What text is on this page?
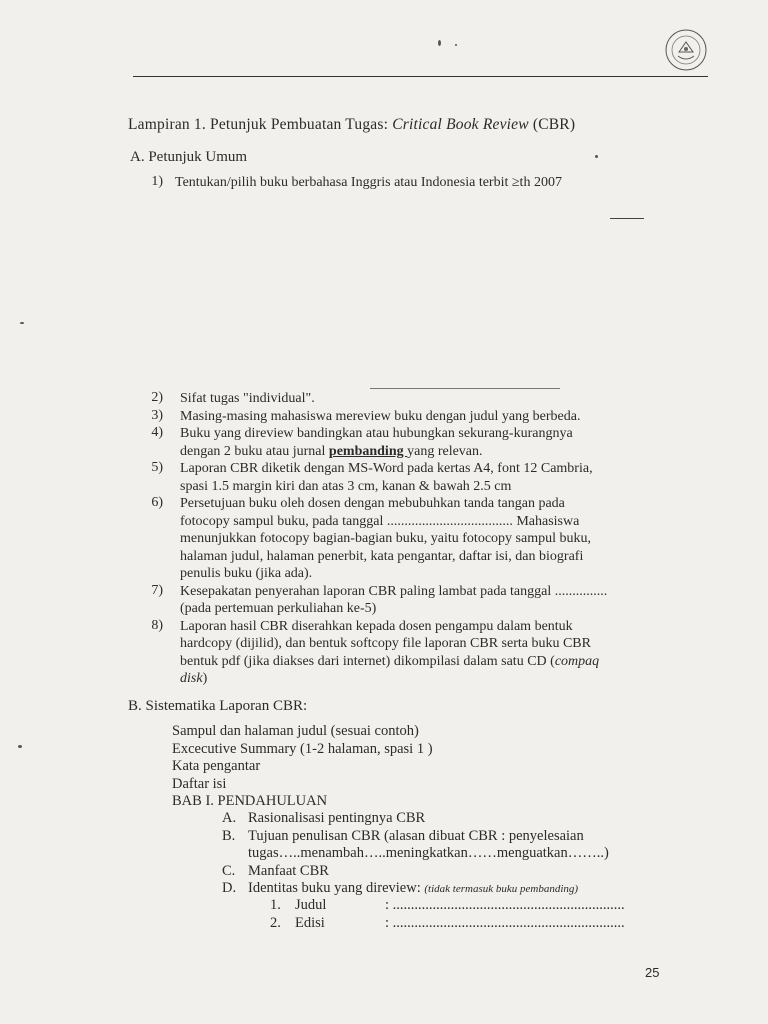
Lampiran 1. Petunjuk Pembuatan Tugas: Critical Book Review (CBR)
A. Petunjuk Umum
1) Tentukan/pilih buku berbahasa Inggris atau Indonesia terbit ≥th 2007
2) Sifat tugas "individual".
3) Masing-masing mahasiswa mereview buku dengan judul yang berbeda.
4) Buku yang direview bandingkan atau hubungkan sekurang-kurangnya
dengan 2 buku atau jurnal pembanding yang relevan.
5) Laporan CBR diketik dengan MS-Word pada kertas A4, font 12 Cambria,
spasi 1.5 margin kiri dan atas 3 cm, kanan & bawah 2.5 cm
6) Persetujuan buku oleh dosen dengan mebubuhkan tanda tangan pada
fotocopy sampul buku, pada tanggal .................................... Mahasiswa
menunjukkan fotocopy bagian-bagian buku, yaitu fotocopy sampul buku,
halaman judul, halaman penerbit, kata pengantar, daftar isi, dan biografi
penulis buku (jika ada).
7) Kesepakatan penyerahan laporan CBR paling lambat pada tanggal ...............
(pada pertemuan perkuliahan ke-5)
8) Laporan hasil CBR diserahkan kepada dosen pengampu dalam bentuk
hardcopy (dijilid), dan bentuk softcopy file laporan CBR serta buku CBR
bentuk pdf (jika diakses dari internet) dikompilasi dalam satu CD (compaq
disk)
B. Sistematika Laporan CBR:
Sampul dan halaman judul (sesuai contoh)
Excecutive Summary (1-2 halaman, spasi 1 )
Kata pengantar
Daftar isi
BAB I. PENDAHULUAN
A. Rasionalisasi pentingnya CBR
B. Tujuan penulisan CBR (alasan dibuat CBR : penyelesaian
tugas…..menambah…..meningkatkan……menguatkan……..)
C. Manfaat CBR
D. Identitas buku yang direview: (tidak termasuk buku pembanding)
1. Judul	: ................................................................
2. Edisi	: ................................................................
25
